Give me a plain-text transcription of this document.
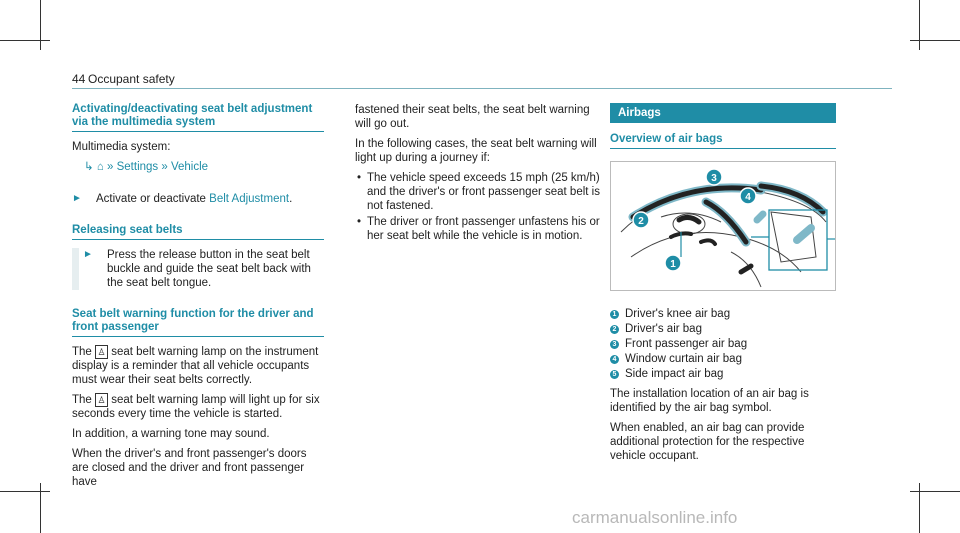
44 Occupant safety
Activating/deactivating seat belt adjustment via the multimedia system

Multimedia system:

↳ ⌂ » Settings » Vehicle
►	Activate or deactivate Belt Adjustment.
Releasing seat belts
►	Press the release button in the seat belt buckle and guide the seat belt back with the seat belt tongue.
Seat belt warning function for the driver and front passenger

The ♙ seat belt warning lamp on the instrument display is a reminder that all vehicle occupants must wear their seat belts correctly.

The ♙ seat belt warning lamp will light up for six seconds every time the vehicle is started.

In addition, a warning tone may sound.

When the driver's and front passenger's doors are closed and the driver and front passenger have

fastened their seat belts, the seat belt warning will go out.

In the following cases, the seat belt warning will light up during a journey if:

• The vehicle speed exceeds 15 mph (25 km/h) and the driver's or front passenger seat belt is not fastened.
• The driver or front passenger unfastens his or her seat belt while the vehicle is in motion.
Airbags
Overview of air bags
1
2
3
4
1 Driver's knee air bag
2 Driver's air bag
3 Front passenger air bag
4 Window curtain air bag
5 Side impact air bag

The installation location of an air bag is identified by the air bag symbol.

When enabled, an air bag can provide additional protection for the respective vehicle occupant.

carmanualsonline.info
